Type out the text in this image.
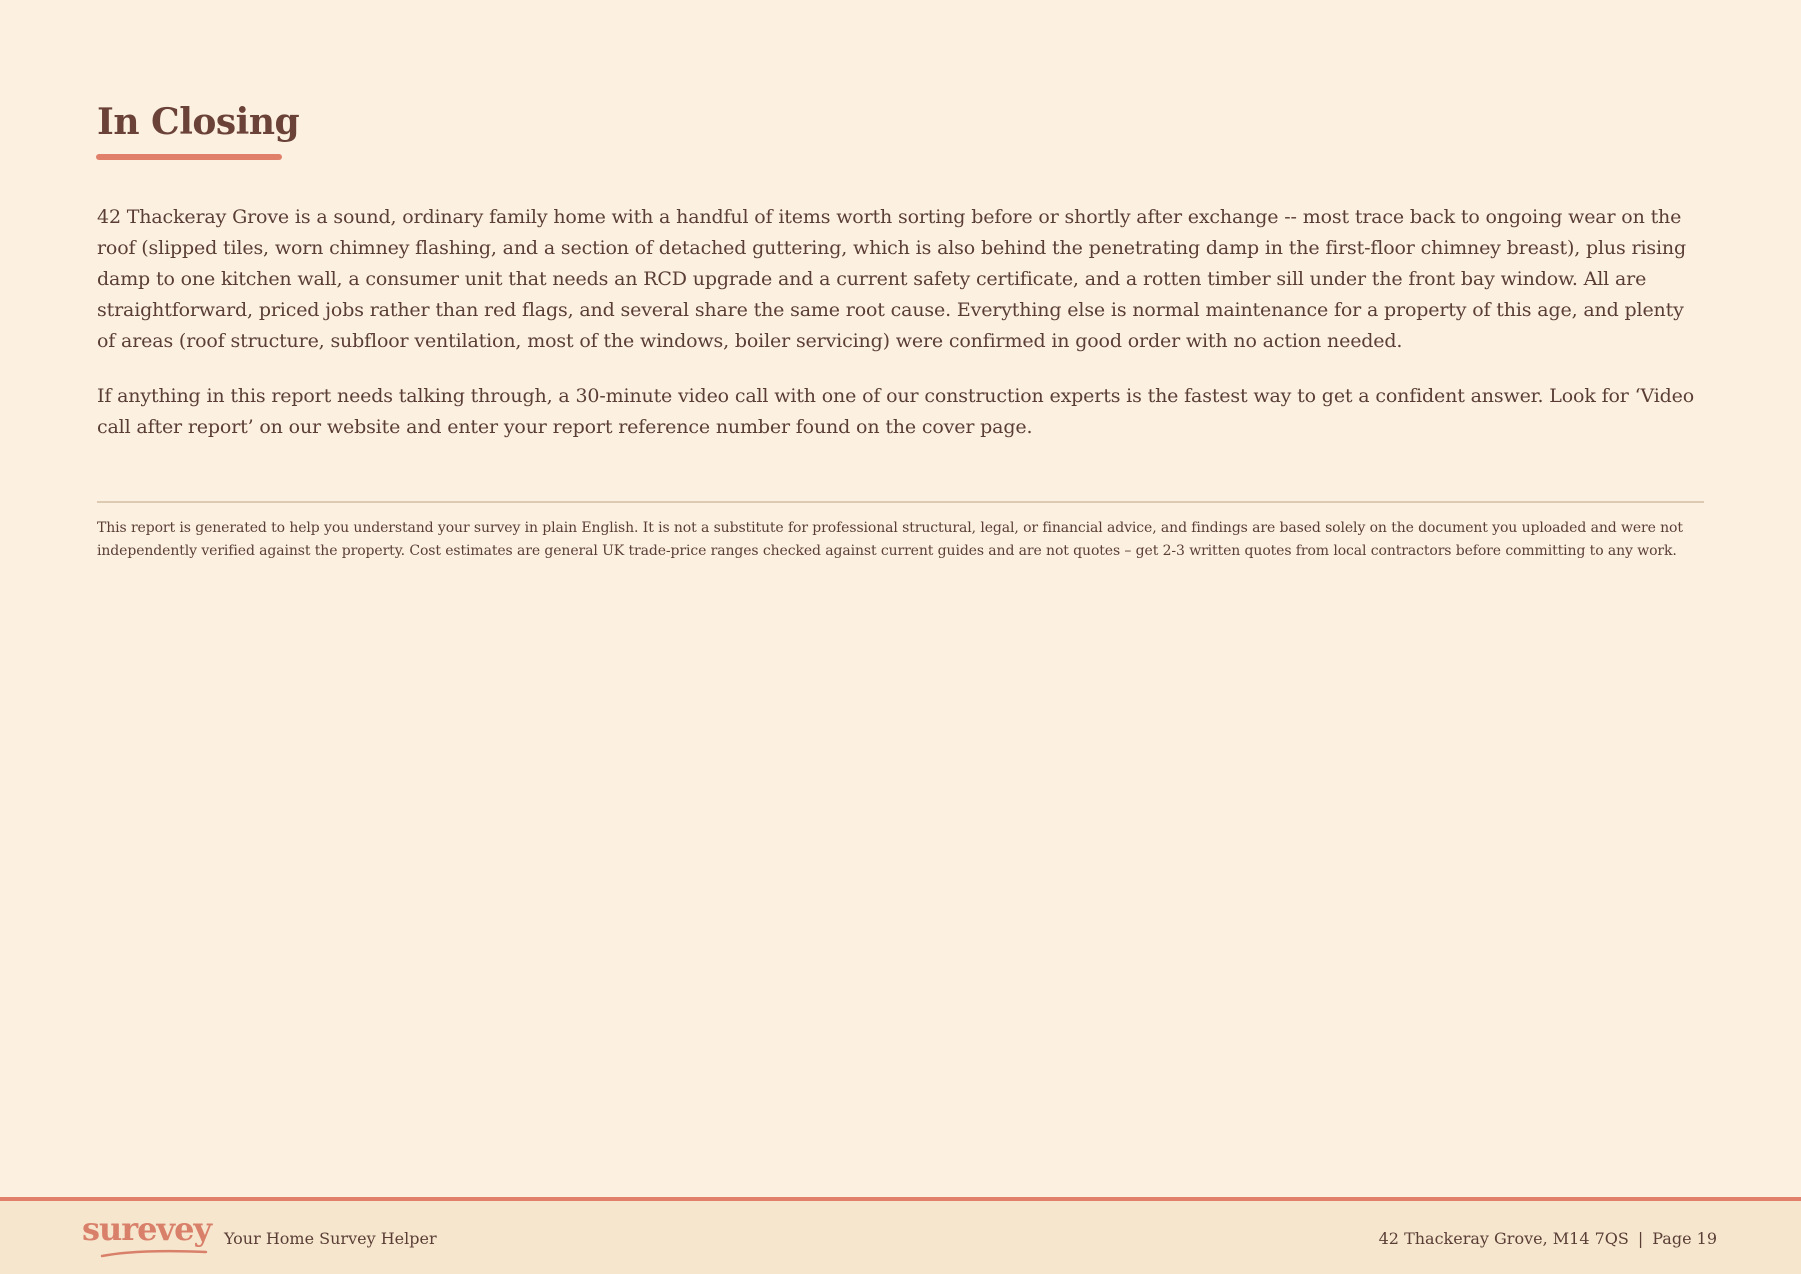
In Closing

42 Thackeray Grove is a sound, ordinary family home with a handful of items worth sorting before or shortly after exchange -- most trace back to ongoing wear on the roof (slipped tiles, worn chimney flashing, and a section of detached guttering, which is also behind the penetrating damp in the first-floor chimney breast), plus rising damp to one kitchen wall, a consumer unit that needs an RCD upgrade and a current safety certificate, and a rotten timber sill under the front bay window. All are straightforward, priced jobs rather than red flags, and several share the same root cause. Everything else is normal maintenance for a property of this age, and plenty of areas (roof structure, subfloor ventilation, most of the windows, boiler servicing) were confirmed in good order with no action needed.

If anything in this report needs talking through, a 30-minute video call with one of our construction experts is the fastest way to get a confident answer. Look for ‘Video call after report’ on our website and enter your report reference number found on the cover page.

This report is generated to help you understand your survey in plain English. It is not a substitute for professional structural, legal, or financial advice, and findings are based solely on the document you uploaded and were not independently verified against the property. Cost estimates are general UK trade-price ranges checked against current guides and are not quotes – get 2-3 written quotes from local contractors before committing to any work.

surevey Your Home Survey Helper	42 Thackeray Grove, M14 7QS | Page 19
